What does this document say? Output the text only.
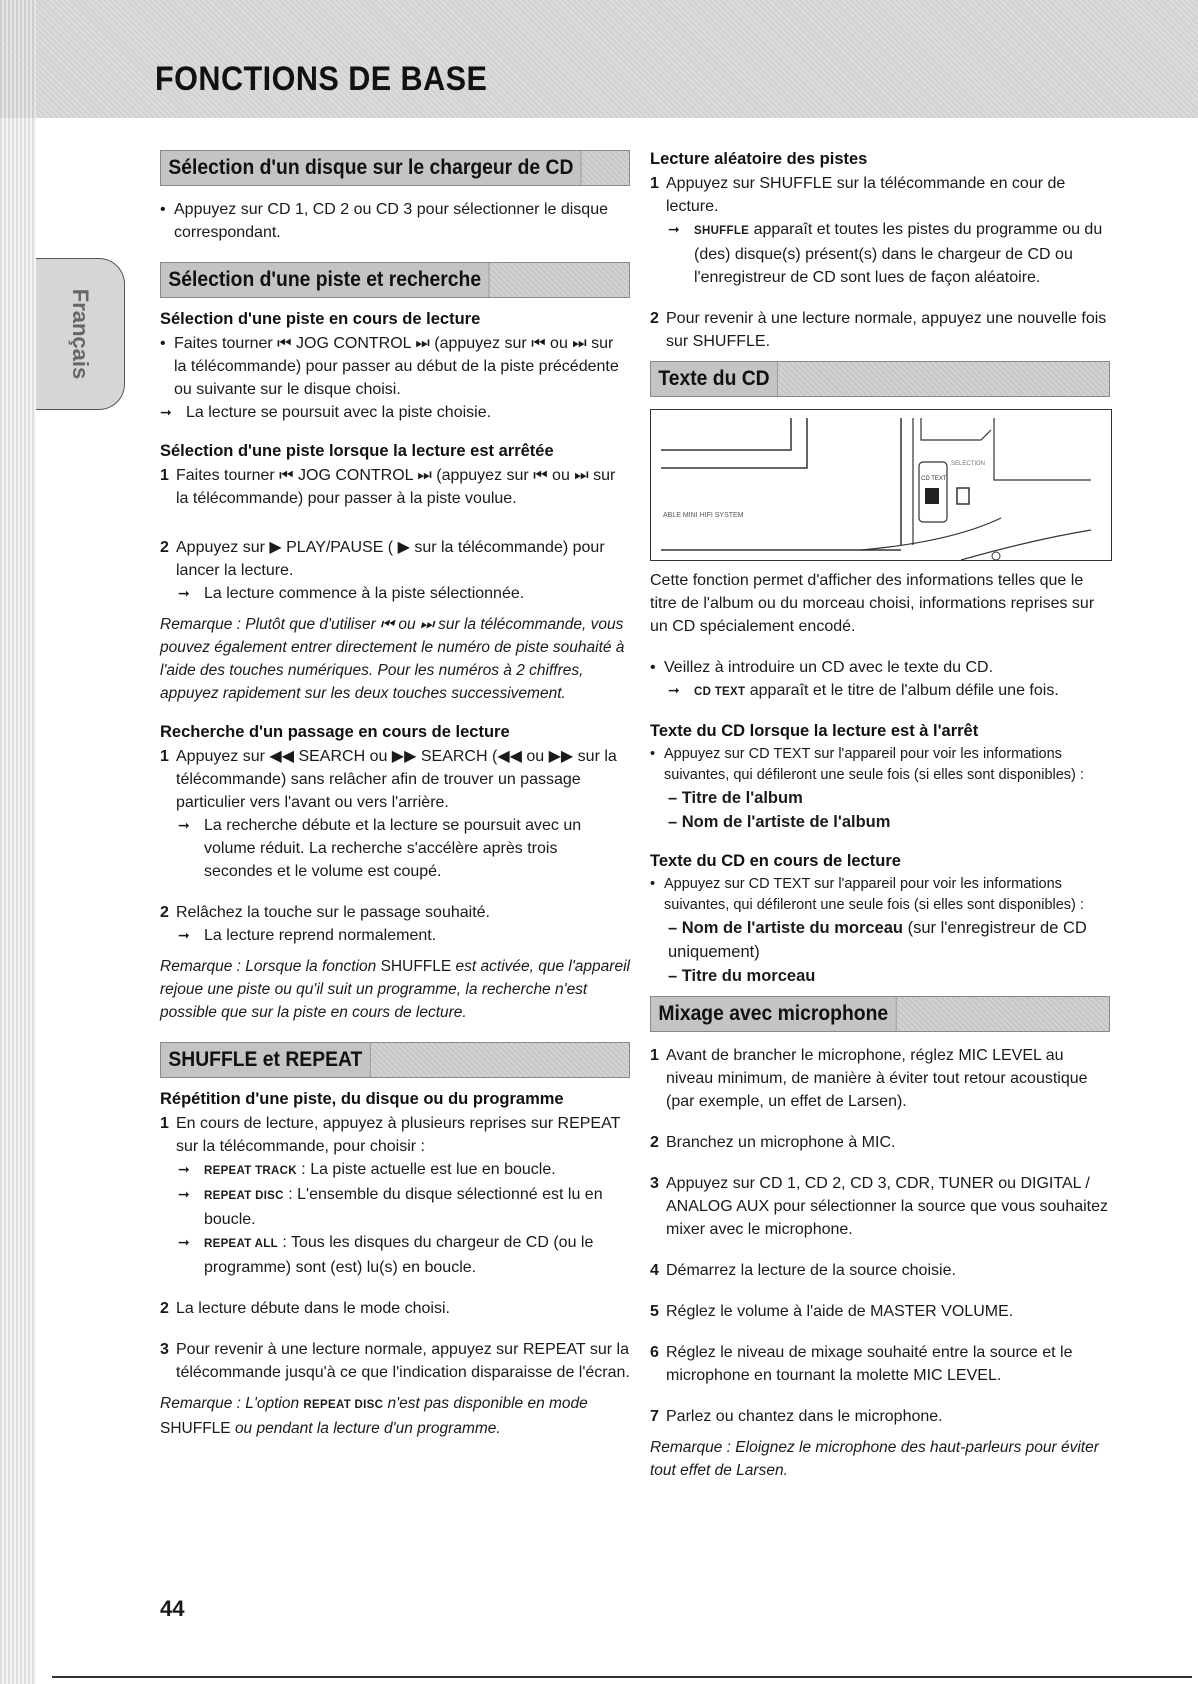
FONCTIONS DE BASE
Français
Sélection d'un disque sur le chargeur de CD
• Appuyez sur CD 1, CD 2 ou CD 3 pour sélectionner le disque correspondant.
Sélection d'une piste et recherche
Sélection d'une piste en cours de lecture
• Faites tourner ⏮ JOG CONTROL ⏭ (appuyez sur ⏮ ou ⏭ sur la télécommande) pour passer au début de la piste précédente ou suivante sur le disque choisi.
➞ La lecture se poursuit avec la piste choisie.
Sélection d'une piste lorsque la lecture est arrêtée
1 Faites tourner ⏮ JOG CONTROL ⏭ (appuyez sur ⏮ ou ⏭ sur la télécommande) pour passer à la piste voulue.
2 Appuyez sur ▶ PLAY/PAUSE ( ▶ sur la télécommande) pour lancer la lecture.
➞ La lecture commence à la piste sélectionnée.
Remarque : Plutôt que d'utiliser ⏮ ou ⏭ sur la télécommande, vous pouvez également entrer directement le numéro de piste souhaité à l'aide des touches numériques. Pour les numéros à 2 chiffres, appuyez rapidement sur les deux touches successivement.
Recherche d'un passage en cours de lecture
1 Appuyez sur ◀◀ SEARCH ou ▶▶ SEARCH (◀◀ ou ▶▶ sur la télécommande) sans relâcher afin de trouver un passage particulier vers l'avant ou vers l'arrière.
➞ La recherche débute et la lecture se poursuit avec un volume réduit. La recherche s'accélère après trois secondes et le volume est coupé.
2 Relâchez la touche sur le passage souhaité.
➞ La lecture reprend normalement.
Remarque : Lorsque la fonction SHUFFLE est activée, que l'appareil rejoue une piste ou qu'il suit un programme, la recherche n'est possible que sur la piste en cours de lecture.
SHUFFLE et REPEAT
Répétition d'une piste, du disque ou du programme
1 En cours de lecture, appuyez à plusieurs reprises sur REPEAT sur la télécommande, pour choisir :
➞ REPEAT TRACK : La piste actuelle est lue en boucle.
➞ REPEAT DISC : L'ensemble du disque sélectionné est lu en boucle.
➞ REPEAT ALL : Tous les disques du chargeur de CD (ou le programme) sont (est) lu(s) en boucle.
2 La lecture débute dans le mode choisi.
3 Pour revenir à une lecture normale, appuyez sur REPEAT sur la télécommande jusqu'à ce que l'indication disparaisse de l'écran.
Remarque : L'option REPEAT DISC n'est pas disponible en mode SHUFFLE ou pendant la lecture d'un programme.
Lecture aléatoire des pistes
1 Appuyez sur SHUFFLE sur la télécommande en cour de lecture.
➞ SHUFFLE apparaît et toutes les pistes du programme ou du (des) disque(s) présent(s) dans le chargeur de CD ou l'enregistreur de CD sont lues de façon aléatoire.
2 Pour revenir à une lecture normale, appuyez une nouvelle fois sur SHUFFLE.
Texte du CD
CD TEXT
SELECTION
ABLE MINI HIFI SYSTEM
Cette fonction permet d'afficher des informations telles que le titre de l'album ou du morceau choisi, informations reprises sur un CD spécialement encodé.
• Veillez à introduire un CD avec le texte du CD.
➞ CD TEXT apparaît et le titre de l'album défile une fois.
Texte du CD lorsque la lecture est à l'arrêt
• Appuyez sur CD TEXT sur l'appareil pour voir les informations suivantes, qui défileront une seule fois (si elles sont disponibles) :
– Titre de l'album
– Nom de l'artiste de l'album
Texte du CD en cours de lecture
• Appuyez sur CD TEXT sur l'appareil pour voir les informations suivantes, qui défileront une seule fois (si elles sont disponibles) :
– Nom de l'artiste du morceau (sur l'enregistreur de CD uniquement)
– Titre du morceau
Mixage avec microphone
1 Avant de brancher le microphone, réglez MIC LEVEL au niveau minimum, de manière à éviter tout retour acoustique (par exemple, un effet de Larsen).
2 Branchez un microphone à MIC.
3 Appuyez sur CD 1, CD 2, CD 3, CDR, TUNER ou DIGITAL / ANALOG AUX pour sélectionner la source que vous souhaitez mixer avec le microphone.
4 Démarrez la lecture de la source choisie.
5 Réglez le volume à l'aide de MASTER VOLUME.
6 Réglez le niveau de mixage souhaité entre la source et le microphone en tournant la molette MIC LEVEL.
7 Parlez ou chantez dans le microphone.
Remarque : Eloignez le microphone des haut-parleurs pour éviter tout effet de Larsen.

44
